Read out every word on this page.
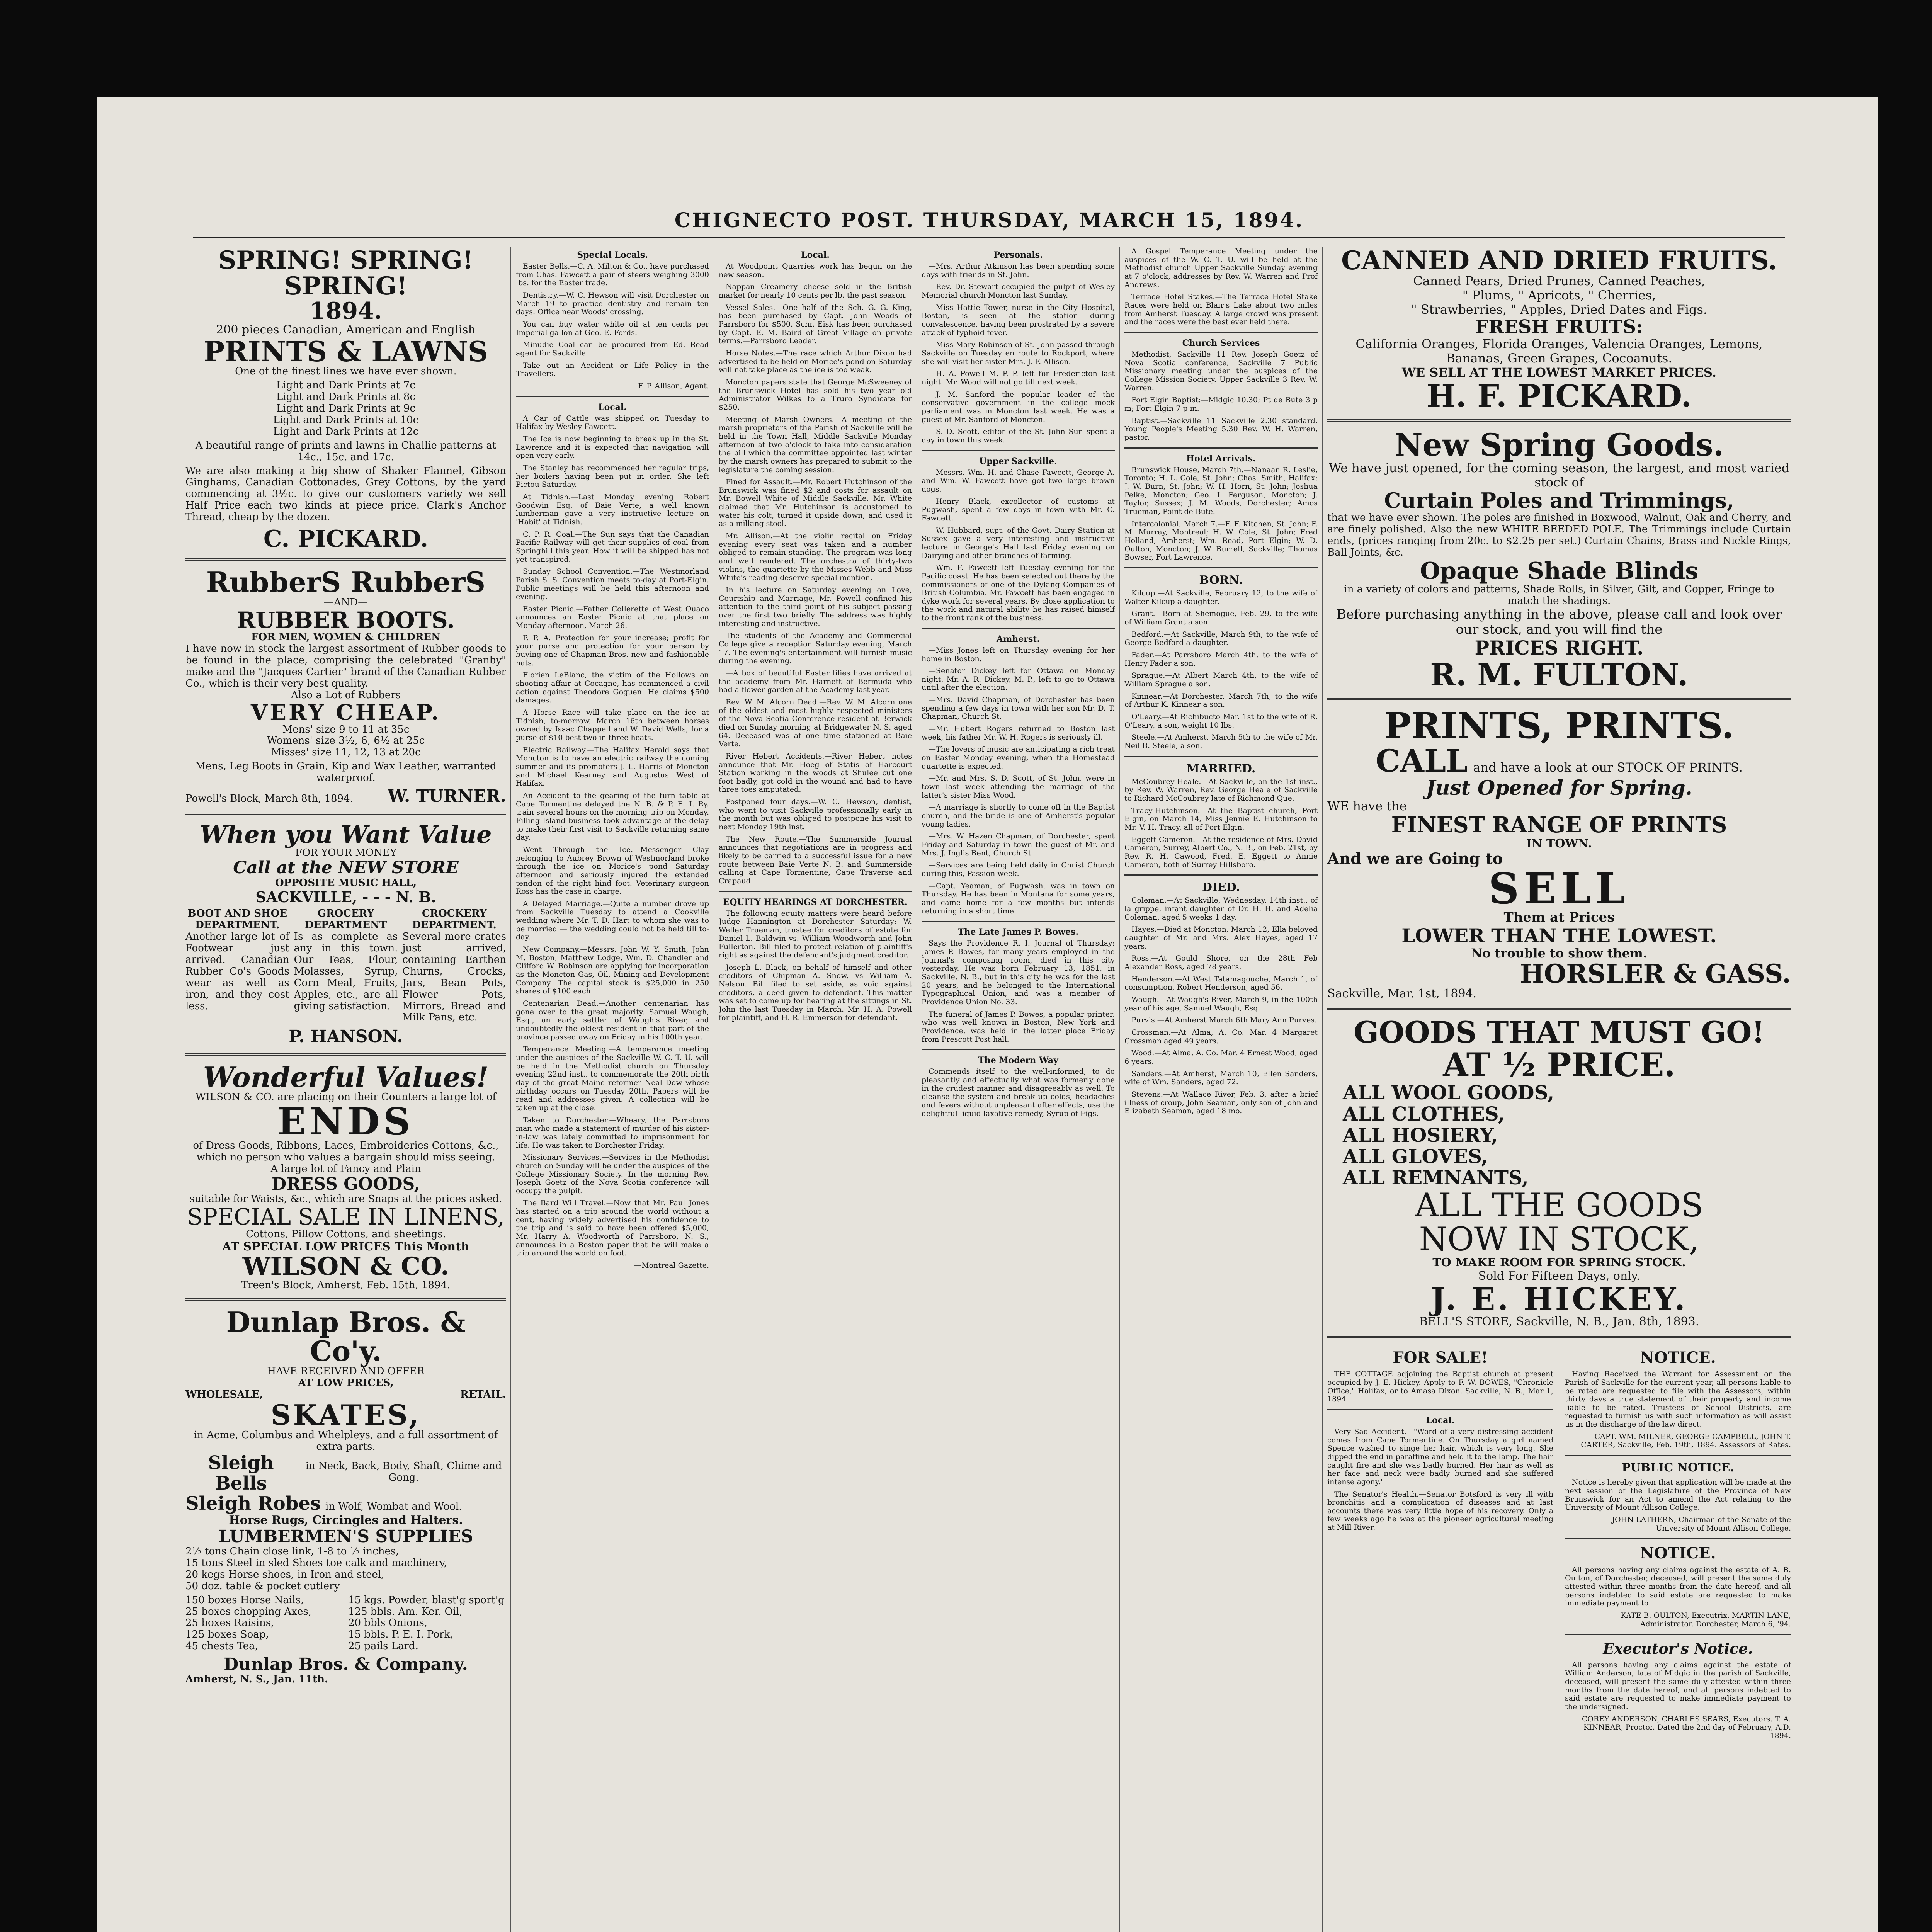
CHIGNECTO POST. THURSDAY, MARCH 15, 1894.
SPRING! SPRING! SPRING!
1894.
200 pieces Canadian, American and English
PRINTS & LAWNS
One of the finest lines we have ever shown.
Light and Dark Prints at 7c
Light and Dark Prints at 8c
Light and Dark Prints at 9c
Light and Dark Prints at 10c
Light and Dark Prints at 12c
A beautiful range of prints and lawns in Challie patterns at 14c., 15c. and 17c.
We are also making a big show of Shaker Flannel, Gibson Ginghams, Canadian Cottonades, Grey Cottons, by the yard commencing at 3½c. to give our customers variety we sell Half Price each two kinds at piece price. Clark's Anchor Thread, cheap by the dozen.
C. PICKARD.
RubberS RubberS
—AND—
RUBBER BOOTS.
FOR MEN, WOMEN & CHILDREN
I have now in stock the largest assortment of Rubber goods to be found in the place, comprising the celebrated "Granby" make and the "Jacques Cartier" brand of the Canadian Rubber Co., which is their very best quality.
Also a Lot of Rubbers
VERY CHEAP.
Mens' size 9 to 11 at 35c
Womens' size 3½, 6, 6½ at 25c
Misses' size 11, 12, 13 at 20c
Mens, Leg Boots in Grain, Kip and Wax Leather, warranted waterproof.
Powell's Block, March 8th, 1894. W. TURNER.
When you Want Value
FOR YOUR MONEY
Call at the NEW STORE
OPPOSITE MUSIC HALL,
SACKVILLE, - - - N. B.
BOOT AND SHOE DEPARTMENT.
Another large lot of Footwear just arrived. Canadian Rubber Co's Goods wear as well as iron, and they cost less.
GROCERY DEPARTMENT
Is as complete as any in this town. Our Teas, Flour, Molasses, Syrup, Corn Meal, Fruits, Apples, etc., are all giving satisfaction.
CROCKERY DEPARTMENT.
Several more crates just arrived, containing Earthen Churns, Crocks, Jars, Bean Pots, Flower Pots, Mirrors, Bread and Milk Pans, etc.
P. HANSON.
Wonderful Values!
WILSON & CO. are placing on their Counters a large lot of
ENDS
of Dress Goods, Ribbons, Laces, Embroideries Cottons, &c., which no person who values a bargain should miss seeing.
A large lot of Fancy and Plain
DRESS GOODS,
suitable for Waists, &c., which are Snaps at the prices asked.
SPECIAL SALE IN LINENS,
Cottons, Pillow Cottons, and sheetings.
AT SPECIAL LOW PRICES This Month
WILSON & CO.
Treen's Block, Amherst, Feb. 15th, 1894.
Dunlap Bros. & Co'y.
HAVE RECEIVED AND OFFER
AT LOW PRICES,
WHOLESALE,	RETAIL.
SKATES,
in Acme, Columbus and Whelpleys, and a full assortment of extra parts.
Sleigh Bells
in Neck, Back, Body, Shaft, Chime and Gong.
Sleigh Robes in Wolf, Wombat and Wool.
Horse Rugs, Circingles and Halters.
LUMBERMEN'S SUPPLIES
2½ tons Chain close link, 1-8 to ½ inches,
15 tons Steel in sled Shoes toe calk and machinery,
20 kegs Horse shoes, in Iron and steel,
50 doz. table & pocket cutlery
150 boxes Horse Nails,
25 boxes chopping Axes,
25 boxes Raisins,
125 boxes Soap,
45 chests Tea,
15 kgs. Powder, blast'g sport'g
125 bbls. Am. Ker. Oil,
20 bbls Onions,
15 bbls. P. E. I. Pork,
25 pails Lard.
Dunlap Bros. & Company.
Amherst, N. S., Jan. 11th.
Special Locals.
Easter Bells.—C. A. Milton & Co., have purchased from Chas. Fawcett a pair of steers weighing 3000 lbs. for the Easter trade.
Dentistry.—W. C. Hewson will visit Dorchester on March 19 to practice dentistry and remain ten days. Office near Woods' crossing.
You can buy water white oil at ten cents per Imperial gallon at Geo. E. Fords.
Minudie Coal can be procured from Ed. Read agent for Sackville.
Take out an Accident or Life Policy in the Travellers.
F. P. Allison, Agent.
Local.
A Car of Cattle was shipped on Tuesday to Halifax by Wesley Fawcett.
The Ice is now beginning to break up in the St. Lawrence and it is expected that navigation will open very early.
The Stanley has recommenced her regular trips, her boilers having been put in order. She left Pictou Saturday.
At Tidnish.—Last Monday evening Robert Goodwin Esq. of Baie Verte, a well known lumberman gave a very instructive lecture on 'Habit' at Tidnish.
C. P. R. Coal.—The Sun says that the Canadian Pacific Railway will get their supplies of coal from Springhill this year. How it will be shipped has not yet transpired.
Sunday School Convention.—The Westmorland Parish S. S. Convention meets to-day at Port-Elgin. Public meetings will be held this afternoon and evening.
Easter Picnic.—Father Collerette of West Quaco announces an Easter Picnic at that place on Monday afternoon, March 26.
P. P. A. Protection for your increase; profit for your purse and protection for your person by buying one of Chapman Bros. new and fashionable hats.
Florien LeBlanc, the victim of the Hollows on shooting affair at Cocagne, has commenced a civil action against Theodore Goguen. He claims $500 damages.
A Horse Race will take place on the ice at Tidnish, to-morrow, March 16th between horses owned by Isaac Chappell and W. David Wells, for a purse of $10 best two in three heats.
Electric Railway.—The Halifax Herald says that Moncton is to have an electric railway the coming summer and its promoters J. L. Harris of Moncton and Michael Kearney and Augustus West of Halifax.
An Accident to the gearing of the turn table at Cape Tormentine delayed the N. B. & P. E. I. Ry. train several hours on the morning trip on Monday. Filling Island business took advantage of the delay to make their first visit to Sackville returning same day.
Went Through the Ice.—Messenger Clay belonging to Aubrey Brown of Westmorland broke through the ice on Morice's pond Saturday afternoon and seriously injured the extended tendon of the right hind foot. Veterinary surgeon Ross has the case in charge.
A Delayed Marriage.—Quite a number drove up from Sackville Tuesday to attend a Cookville wedding where Mr. T. D. Hart to whom she was to be married — the wedding could not be held till to-day.
New Company.—Messrs. John W. Y. Smith, John M. Boston, Matthew Lodge, Wm. D. Chandler and Clifford W. Robinson are applying for incorporation as the Moncton Gas, Oil, Mining and Development Company. The capital stock is $25,000 in 250 shares of $100 each.
Centenarian Dead.—Another centenarian has gone over to the great majority. Samuel Waugh, Esq., an early settler of Waugh's River, and undoubtedly the oldest resident in that part of the province passed away on Friday in his 100th year.
Temperance Meeting.—A temperance meeting under the auspices of the Sackville W. C. T. U. will be held in the Methodist church on Thursday evening 22nd inst., to commemorate the 20th birth day of the great Maine reformer Neal Dow whose birthday occurs on Tuesday 20th. Papers will be read and addresses given. A collection will be taken up at the close.
Taken to Dorchester.—Wheary, the Parrsboro man who made a statement of murder of his sister-in-law was lately committed to imprisonment for life. He was taken to Dorchester Friday.
Missionary Services.—Services in the Methodist church on Sunday will be under the auspices of the College Missionary Society. In the morning Rev. Joseph Goetz of the Nova Scotia conference will occupy the pulpit.
The Bard Will Travel.—Now that Mr. Paul Jones has started on a trip around the world without a cent, having widely advertised his confidence to the trip and is said to have been offered $5,000, Mr. Harry A. Woodworth of Parrsboro, N. S., announces in a Boston paper that he will make a trip around the world on foot.
—Montreal Gazette.
Local.
At Woodpoint Quarries work has begun on the new season.
Nappan Creamery cheese sold in the British market for nearly 10 cents per lb. the past season.
Vessel Sales.—One half of the Sch. G. G. King, has been purchased by Capt. John Woods of Parrsboro for $500. Schr. Eisk has been purchased by Capt. E. M. Baird of Great Village on private terms.—Parrsboro Leader.
Horse Notes.—The race which Arthur Dixon had advertised to be held on Morice's pond on Saturday will not take place as the ice is too weak.
Moncton papers state that George McSweeney of the Brunswick Hotel has sold his two year old Administrator Wilkes to a Truro Syndicate for $250.
Meeting of Marsh Owners.—A meeting of the marsh proprietors of the Parish of Sackville will be held in the Town Hall, Middle Sackville Monday afternoon at two o'clock to take into consideration the bill which the committee appointed last winter by the marsh owners has prepared to submit to the legislature the coming session.
Fined for Assault.—Mr. Robert Hutchinson of the Brunswick was fined $2 and costs for assault on Mr. Bowell White of Middle Sackville. Mr. White claimed that Mr. Hutchinson is accustomed to water his colt, turned it upside down, and used it as a milking stool.
Mr. Allison.—At the violin recital on Friday evening every seat was taken and a number obliged to remain standing. The program was long and well rendered. The orchestra of thirty-two violins, the quartette by the Misses Webb and Miss White's reading deserve special mention.
In his lecture on Saturday evening on Love, Courtship and Marriage, Mr. Powell confined his attention to the third point of his subject passing over the first two briefly. The address was highly interesting and instructive.
The students of the Academy and Commercial College give a reception Saturday evening, March 17. The evening's entertainment will furnish music during the evening.
—A box of beautiful Easter lilies have arrived at the academy from Mr. Harnett of Bermuda who had a flower garden at the Academy last year.
Rev. W. M. Alcorn Dead.—Rev. W. M. Alcorn one of the oldest and most highly respected ministers of the Nova Scotia Conference resident at Berwick died on Sunday morning at Bridgewater N. S. aged 64. Deceased was at one time stationed at Baie Verte.
River Hebert Accidents.—River Hebert notes announce that Mr. Hoeg of Statis of Harcourt Station working in the woods at Shulee cut one foot badly, got cold in the wound and had to have three toes amputated.
Postponed four days.—W. C. Hewson, dentist, who went to visit Sackville professionally early in the month but was obliged to postpone his visit to next Monday 19th inst.
The New Route.—The Summerside Journal announces that negotiations are in progress and likely to be carried to a successful issue for a new route between Baie Verte N. B. and Summerside calling at Cape Tormentine, Cape Traverse and Crapaud.
EQUITY HEARINGS AT DORCHESTER.
The following equity matters were heard before Judge Hannington at Dorchester Saturday: W. Weller Trueman, trustee for creditors of estate for Daniel L. Baldwin vs. William Woodworth and John Fullerton. Bill filed to protect relation of plaintiff's right as against the defendant's judgment creditor.
Joseph L. Black, on behalf of himself and other creditors of Chipman A. Snow, vs William A. Nelson. Bill filed to set aside, as void against creditors, a deed given to defendant. This matter was set to come up for hearing at the sittings in St. John the last Tuesday in March. Mr. H. A. Powell for plaintiff, and H. R. Emmerson for defendant.
Personals.
—Mrs. Arthur Atkinson has been spending some days with friends in St. John.
—Rev. Dr. Stewart occupied the pulpit of Wesley Memorial church Moncton last Sunday.
—Miss Hattie Tower, nurse in the City Hospital, Boston, is seen at the station during convalescence, having been prostrated by a severe attack of typhoid fever.
—Miss Mary Robinson of St. John passed through Sackville on Tuesday en route to Rockport, where she will visit her sister Mrs. J. F. Allison.
—H. A. Powell M. P. P. left for Fredericton last night. Mr. Wood will not go till next week.
—J. M. Sanford the popular leader of the conservative government in the college mock parliament was in Moncton last week. He was a guest of Mr. Sanford of Moncton.
—S. D. Scott, editor of the St. John Sun spent a day in town this week.
Upper Sackville.
—Messrs. Wm. H. and Chase Fawcett, George A. and Wm. W. Fawcett have got two large brown dogs.
—Henry Black, excollector of customs at Pugwash, spent a few days in town with Mr. C. Fawcett.
—W. Hubbard, supt. of the Govt. Dairy Station at Sussex gave a very interesting and instructive lecture in George's Hall last Friday evening on Dairying and other branches of farming.
—Wm. F. Fawcett left Tuesday evening for the Pacific coast. He has been selected out there by the commissioners of one of the Dyking Companies of British Columbia. Mr. Fawcett has been engaged in dyke work for several years. By close application to the work and natural ability he has raised himself to the front rank of the business.
Amherst.
—Miss Jones left on Thursday evening for her home in Boston.
—Senator Dickey left for Ottawa on Monday night. Mr. A. R. Dickey, M. P., left to go to Ottawa until after the election.
—Mrs. David Chapman, of Dorchester has been spending a few days in town with her son Mr. D. T. Chapman, Church St.
—Mr. Hubert Rogers returned to Boston last week, his father Mr. W. H. Rogers is seriously ill.
—The lovers of music are anticipating a rich treat on Easter Monday evening, when the Homestead quartette is expected.
—Mr. and Mrs. S. D. Scott, of St. John, were in town last week attending the marriage of the latter's sister Miss Wood.
—A marriage is shortly to come off in the Baptist church, and the bride is one of Amherst's popular young ladies.
—Mrs. W. Hazen Chapman, of Dorchester, spent Friday and Saturday in town the guest of Mr. and Mrs. J. Inglis Bent, Church St.
—Services are being held daily in Christ Church during this, Passion week.
—Capt. Yeaman, of Pugwash, was in town on Thursday. He has been in Montana for some years, and came home for a few months but intends returning in a short time.
The Late James P. Bowes.
Says the Providence R. I. Journal of Thursday: James P. Bowes, for many years employed in the Journal's composing room, died in this city yesterday. He was born February 13, 1851, in Sackville, N. B., but in this city he was for the last 20 years, and he belonged to the International Typographical Union, and was a member of Providence Union No. 33.
The funeral of James P. Bowes, a popular printer, who was well known in Boston, New York and Providence, was held in the latter place Friday from Prescott Post hall.
The Modern Way
Commends itself to the well-informed, to do pleasantly and effectually what was formerly done in the crudest manner and disagreeably as well. To cleanse the system and break up colds, headaches and fevers without unpleasant after effects, use the delightful liquid laxative remedy, Syrup of Figs.
A Gospel Temperance Meeting under the auspices of the W. C. T. U. will be held at the Methodist church Upper Sackville Sunday evening at 7 o'clock, addresses by Rev. W. Warren and Prof Andrews.
Terrace Hotel Stakes.—The Terrace Hotel Stake Races were held on Blair's Lake about two miles from Amherst Tuesday. A large crowd was present and the races were the best ever held there.
Church Services
Methodist, Sackville 11 Rev. Joseph Goetz of Nova Scotia conference, Sackville 7 Public Missionary meeting under the auspices of the College Mission Society. Upper Sackville 3 Rev. W. Warren.
Fort Elgin Baptist:—Midgic 10.30; Pt de Bute 3 p m; Fort Elgin 7 p m.
Baptist.—Sackville 11 Sackville 2.30 standard. Young People's Meeting 5.30 Rev. W. H. Warren, pastor.
Hotel Arrivals.
Brunswick House, March 7th.—Nanaan R. Leslie, Toronto; H. L. Cole, St. John; Chas. Smith, Halifax; J. W. Burn, St. John; W. H. Horn, St. John; Joshua Pelke, Moncton; Geo. I. Ferguson, Moncton; J. Taylor, Sussex; J. M. Woods, Dorchester; Amos Trueman, Point de Bute.
Intercolonial, March 7.—F. F. Kitchen, St. John; F. M. Murray, Montreal; H. W. Cole, St. John; Fred Holland, Amherst; Wm. Read, Port Elgin; W. D. Oulton, Moncton; J. W. Burrell, Sackville; Thomas Bowser, Fort Lawrence.
BORN.
Kilcup.—At Sackville, February 12, to the wife of Walter Kilcup a daughter.
Grant.—Born at Shemogue, Feb. 29, to the wife of William Grant a son.
Bedford.—At Sackville, March 9th, to the wife of George Bedford a daughter.
Fader.—At Parrsboro March 4th, to the wife of Henry Fader a son.
Sprague.—At Albert March 4th, to the wife of William Sprague a son.
Kinnear.—At Dorchester, March 7th, to the wife of Arthur K. Kinnear a son.
O'Leary.—At Richibucto Mar. 1st to the wife of R. O'Leary, a son, weight 10 lbs.
Steele.—At Amherst, March 5th to the wife of Mr. Neil B. Steele, a son.
MARRIED.
McCoubrey-Heale.—At Sackville, on the 1st inst., by Rev. W. Warren, Rev. George Heale of Sackville to Richard McCoubrey late of Richmond Que.
Tracy-Hutchinson.—At the Baptist church, Port Elgin, on March 14, Miss Jennie E. Hutchinson to Mr. V. H. Tracy, all of Port Elgin.
Eggett-Cameron.—At the residence of Mrs. David Cameron, Surrey, Albert Co., N. B., on Feb. 21st, by Rev. R. H. Cawood, Fred. E. Eggett to Annie Cameron, both of Surrey Hillsboro.
DIED.
Coleman.—At Sackville, Wednesday, 14th inst., of la grippe, infant daughter of Dr. H. H. and Adelia Coleman, aged 5 weeks 1 day.
Hayes.—Died at Moncton, March 12, Ella beloved daughter of Mr. and Mrs. Alex Hayes, aged 17 years.
Ross.—At Gould Shore, on the 28th Feb Alexander Ross, aged 78 years.
Henderson.—At West Tatamagouche, March 1, of consumption, Robert Henderson, aged 56.
Waugh.—At Waugh's River, March 9, in the 100th year of his age, Samuel Waugh, Esq.
Purvis.—At Amherst March 6th Mary Ann Purves.
Crossman.—At Alma, A. Co. Mar. 4 Margaret Crossman aged 49 years.
Wood.—At Alma, A. Co. Mar. 4 Ernest Wood, aged 6 years.
Sanders.—At Amherst, March 10, Ellen Sanders, wife of Wm. Sanders, aged 72.
Stevens.—At Wallace River, Feb. 3, after a brief illness of croup, John Seaman, only son of John and Elizabeth Seaman, aged 18 mo.
CANNED AND DRIED FRUITS.
Canned Pears, Dried Prunes, Canned Peaches,
" Plums, " Apricots, " Cherries,
" Strawberries, " Apples, Dried Dates and Figs.
FRESH FRUITS:
California Oranges, Florida Oranges, Valencia Oranges, Lemons, Bananas, Green Grapes, Cocoanuts.
WE SELL AT THE LOWEST MARKET PRICES.
H. F. PICKARD.
New Spring Goods.
We have just opened, for the coming season, the largest, and most varied stock of
Curtain Poles and Trimmings,
that we have ever shown. The poles are finished in Boxwood, Walnut, Oak and Cherry, and are finely polished. Also the new WHITE BEEDED POLE. The Trimmings include Curtain ends, (prices ranging from 20c. to $2.25 per set.) Curtain Chains, Brass and Nickle Rings, Ball Joints, &c.
Opaque Shade Blinds
in a variety of colors and patterns, Shade Rolls, in Silver, Gilt, and Copper, Fringe to match the shadings.
Before purchasing anything in the above, please call and look over our stock, and you will find the
PRICES RIGHT.
R. M. FULTON.
PRINTS, PRINTS.
CALL and have a look at our STOCK OF PRINTS.
Just Opened for Spring.
WE have the
FINEST RANGE OF PRINTS
IN TOWN.
And we are Going to
SELL
Them at Prices
LOWER THAN THE LOWEST.
No trouble to show them.
HORSLER & GASS.
Sackville, Mar. 1st, 1894.
GOODS THAT MUST GO!
AT ½ PRICE.
ALL WOOL GOODS,
ALL CLOTHES,
ALL HOSIERY,
ALL GLOVES,
ALL REMNANTS,
ALL THE GOODS
NOW IN STOCK,
TO MAKE ROOM FOR SPRING STOCK.
Sold For Fifteen Days, only.
J. E. HICKEY.
BELL'S STORE, Sackville, N. B., Jan. 8th, 1893.
FOR SALE!
THE COTTAGE adjoining the Baptist church at present occupied by J. E. Hickey. Apply to F. W. BOWES, "Chronicle Office," Halifax, or to Amasa Dixon. Sackville, N. B., Mar 1, 1894.
Local.
Very Sad Accident.—"Word of a very distressing accident comes from Cape Tormentine. On Thursday a girl named Spence wished to singe her hair, which is very long. She dipped the end in paraffine and held it to the lamp. The hair caught fire and she was badly burned. Her hair as well as her face and neck were badly burned and she suffered intense agony."
The Senator's Health.—Senator Botsford is very ill with bronchitis and a complication of diseases and at last accounts there was very little hope of his recovery. Only a few weeks ago he was at the pioneer agricultural meeting at Mill River.
NOTICE.
Having Received the Warrant for Assessment on the Parish of Sackville for the current year, all persons liable to be rated are requested to file with the Assessors, within thirty days a true statement of their property and income liable to be rated. Trustees of School Districts, are requested to furnish us with such information as will assist us in the discharge of the law direct.
CAPT. WM. MILNER, GEORGE CAMPBELL, JOHN T. CARTER, Sackville, Feb. 19th, 1894. Assessors of Rates.
PUBLIC NOTICE.
Notice is hereby given that application will be made at the next session of the Legislature of the Province of New Brunswick for an Act to amend the Act relating to the University of Mount Allison College.
JOHN LATHERN, Chairman of the Senate of the University of Mount Allison College.
NOTICE.
All persons having any claims against the estate of A. B. Oulton, of Dorchester, deceased, will present the same duly attested within three months from the date hereof, and all persons indebted to said estate are requested to make immediate payment to
KATE B. OULTON, Executrix. MARTIN LANE, Administrator. Dorchester, March 6, '94.
Executor's Notice.
All persons having any claims against the estate of William Anderson, late of Midgic in the parish of Sackville, deceased, will present the same duly attested within three months from the date hereof, and all persons indebted to said estate are requested to make immediate payment to the undersigned.
COREY ANDERSON, CHARLES SEARS, Executors. T. A. KINNEAR, Proctor. Dated the 2nd day of February, A.D. 1894.
